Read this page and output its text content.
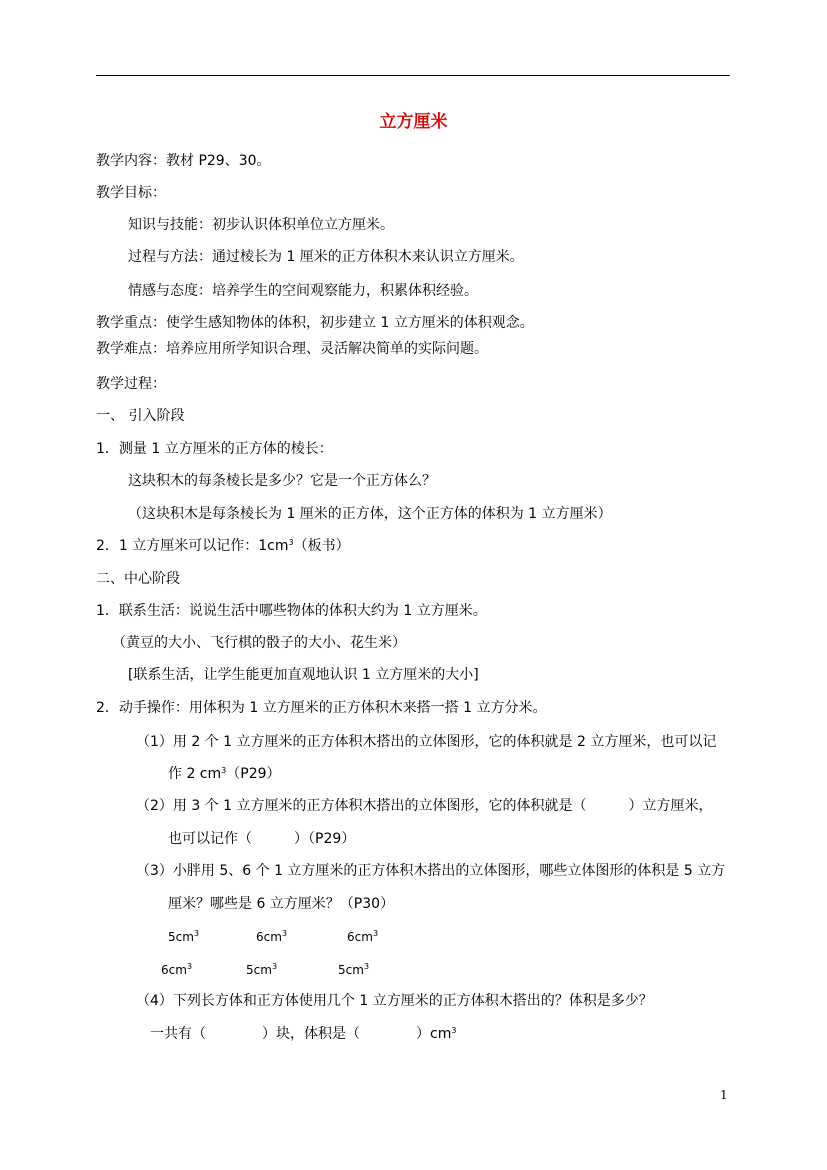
立方厘米
教学内容：教材 P29、30。
教学目标：
知识与技能：初步认识体积单位立方厘米。
过程与方法：通过棱长为 1 厘米的正方体积木来认识立方厘米。
情感与态度：培养学生的空间观察能力，积累体积经验。
教学重点：使学生感知物体的体积，初步建立 1 立方厘米的体积观念。
教学难点：培养应用所学知识合理、灵活解决简单的实际问题。
教学过程：
一、 引入阶段
1．测量 1 立方厘米的正方体的棱长：
这块积木的每条棱长是多少？它是一个正方体么？
（这块积木是每条棱长为 1 厘米的正方体，这个正方体的体积为 1 立方厘米）
2．1 立方厘米可以记作：$1cm^3$（板书）
二、中心阶段
1．联系生活：说说生活中哪些物体的体积大约为 1 立方厘米。
（黄豆的大小、飞行棋的骰子的大小、花生米）
[联系生活，让学生能更加直观地认识 1 立方厘米的大小]
2．动手操作：用体积为 1 立方厘米的正方体积木来搭一搭 1 立方分米。
（1）用 2 个 1 立方厘米的正方体积木搭出的立体图形，它的体积就是 2 立方厘米，也可以记
作 2 $cm^3(P29)$
（2）用 3 个 1 立方厘米的正方体积木搭出的立体图形，它的体积就是（　　　）立方厘米，
也可以记作（　　　）（P29）
（3）小胖用 5、6 个 1 立方厘米的正方体积木搭出的立体图形，哪些立体图形的体积是 5 立方
厘米？哪些是 6 立方厘米？（P30）
$5cm^3$	$6cm^3$	$6cm^3$
$6cm^3$	$5cm^3$	$5cm^3$
（4）下列长方体和正方体使用几个 1 立方厘米的正方体积木搭出的？体积是多少？
一共有（　　　　）块，体积是（　　　　）$cm^3$
1
